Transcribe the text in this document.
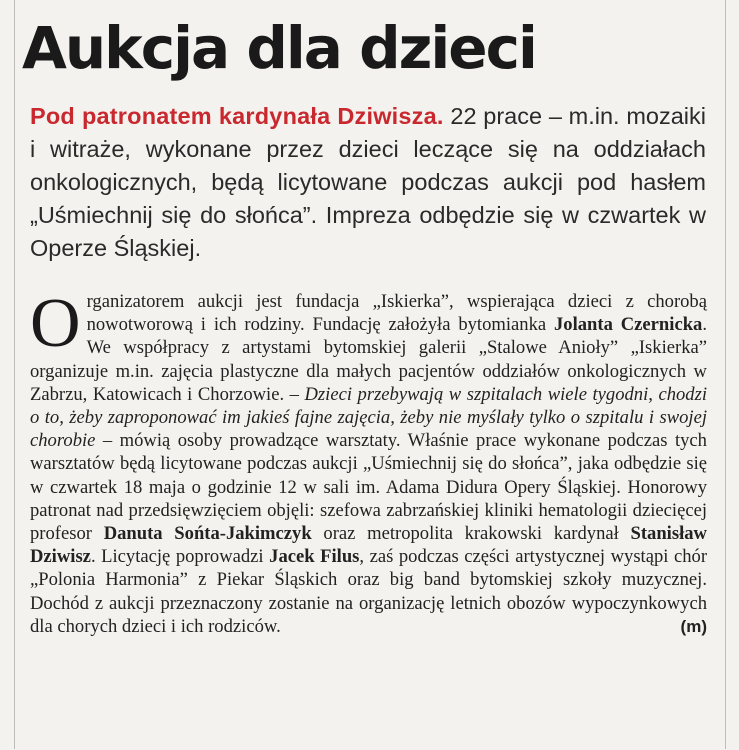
Aukcja dla dzieci

Pod patronatem kardynała Dziwisza. 22 prace – m.in. mozaiki i witraże, wykonane przez dzieci leczące się na oddziałach onkologicznych, będą licytowane podczas aukcji pod hasłem „Uśmiechnij się do słońca”. Impreza odbędzie się w czwartek w Operze Śląskiej.

Organizatorem aukcji jest fundacja „Iskierka”, wspierająca dzieci z chorobą nowotworową i ich rodziny. Fundację założyła bytomianka Jolanta Czernicka. We współpracy z artystami bytomskiej galerii „Stalowe Anioły” „Iskierka” organizuje m.in. zajęcia plastyczne dla małych pacjentów oddziałów onkologicznych w Zabrzu, Katowicach i Chorzowie. – Dzieci przebywają w szpitalach wiele tygodni, chodzi o to, żeby zaproponować im jakieś fajne zajęcia, żeby nie myślały tylko o szpitalu i swojej chorobie – mówią osoby prowadzące warsztaty. Właśnie prace wykonane podczas tych warsztatów będą licytowane podczas aukcji „Uśmiechnij się do słońca”, jaka odbędzie się w czwartek 18 maja o godzinie 12 w sali im. Adama Didura Opery Śląskiej. Honorowy patronat nad przedsięwzięciem objęli: szefowa zabrzańskiej kliniki hematologii dziecięcej profesor Danuta Sońta-Jakimczyk oraz metropolita krakowski kardynał Stanisław Dziwisz. Licytację poprowadzi Jacek Filus, zaś podczas części artystycznej wystąpi chór „Polonia Harmonia” z Piekar Śląskich oraz big band bytomskiej szkoły muzycznej. Dochód z aukcji przeznaczony zostanie na organizację letnich obozów wypoczynkowych dla chorych dzieci i ich rodziców.	(m)
